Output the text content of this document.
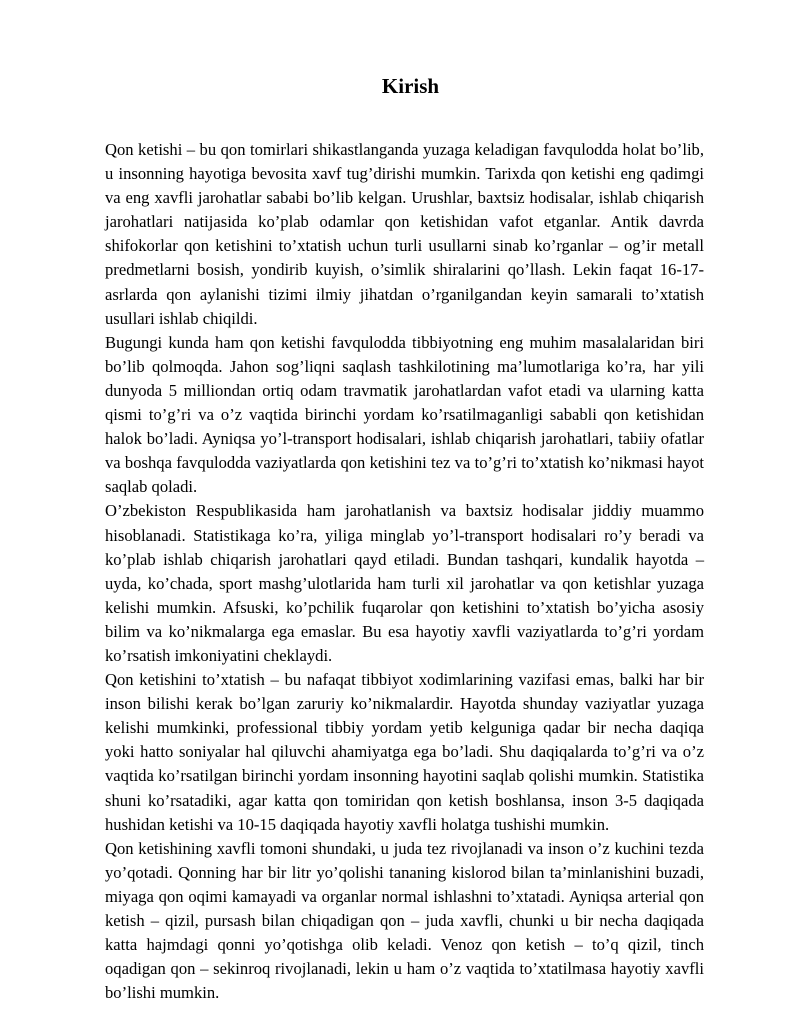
Kirish

Qon ketishi – bu qon tomirlari shikastlanganda yuzaga keladigan favqulodda holat bo’lib, u insonning hayotiga bevosita xavf tug’dirishi mumkin. Tarixda qon ketishi eng qadimgi va eng xavfli jarohatlar sababi bo’lib kelgan. Urushlar, baxtsiz hodisalar, ishlab chiqarish jarohatlari natijasida ko’plab odamlar qon ketishidan vafot etganlar. Antik davrda shifokorlar qon ketishini to’xtatish uchun turli usullarni sinab ko’rganlar – og’ir metall predmetlarni bosish, yondirib kuyish, o’simlik shiralarini qo’llash. Lekin faqat 16-17-asrlarda qon aylanishi tizimi ilmiy jihatdan o’rganilgandan keyin samarali to’xtatish usullari ishlab chiqildi.

Bugungi kunda ham qon ketishi favqulodda tibbiyotning eng muhim masalalaridan biri bo’lib qolmoqda. Jahon sog’liqni saqlash tashkilotining ma’lumotlariga ko’ra, har yili dunyoda 5 milliondan ortiq odam travmatik jarohatlardan vafot etadi va ularning katta qismi to’g’ri va o’z vaqtida birinchi yordam ko’rsatilmaganligi sababli qon ketishidan halok bo’ladi. Ayniqsa yo’l-transport hodisalari, ishlab chiqarish jarohatlari, tabiiy ofatlar va boshqa favqulodda vaziyatlarda qon ketishini tez va to’g’ri to’xtatish ko’nikmasi hayot saqlab qoladi.

O’zbekiston Respublikasida ham jarohatlanish va baxtsiz hodisalar jiddiy muammo hisoblanadi. Statistikaga ko’ra, yiliga minglab yo’l-transport hodisalari ro’y beradi va ko’plab ishlab chiqarish jarohatlari qayd etiladi. Bundan tashqari, kundalik hayotda – uyda, ko’chada, sport mashg’ulotlarida ham turli xil jarohatlar va qon ketishlar yuzaga kelishi mumkin. Afsuski, ko’pchilik fuqarolar qon ketishini to’xtatish bo’yicha asosiy bilim va ko’nikmalarga ega emaslar. Bu esa hayotiy xavfli vaziyatlarda to’g’ri yordam ko’rsatish imkoniyatini cheklaydi.

Qon ketishini to’xtatish – bu nafaqat tibbiyot xodimlarining vazifasi emas, balki har bir inson bilishi kerak bo’lgan zaruriy ko’nikmalardir. Hayotda shunday vaziyatlar yuzaga kelishi mumkinki, professional tibbiy yordam yetib kelguniga qadar bir necha daqiqa yoki hatto soniyalar hal qiluvchi ahamiyatga ega bo’ladi. Shu daqiqalarda to’g’ri va o’z vaqtida ko’rsatilgan birinchi yordam insonning hayotini saqlab qolishi mumkin. Statistika shuni ko’rsatadiki, agar katta qon tomiridan qon ketish boshlansa, inson 3-5 daqiqada hushidan ketishi va 10-15 daqiqada hayotiy xavfli holatga tushishi mumkin.

Qon ketishining xavfli tomoni shundaki, u juda tez rivojlanadi va inson o’z kuchini tezda yo’qotadi. Qonning har bir litr yo’qolishi tananing kislorod bilan ta’minlanishini buzadi, miyaga qon oqimi kamayadi va organlar normal ishlashni to’xtatadi. Ayniqsa arterial qon ketish – qizil, pursash bilan chiqadigan qon – juda xavfli, chunki u bir necha daqiqada katta hajmdagi qonni yo’qotishga olib keladi. Venoz qon ketish – to’q qizil, tinch oqadigan qon – sekinroq rivojlanadi, lekin u ham o’z vaqtida to’xtatilmasa hayotiy xavfli bo’lishi mumkin.
